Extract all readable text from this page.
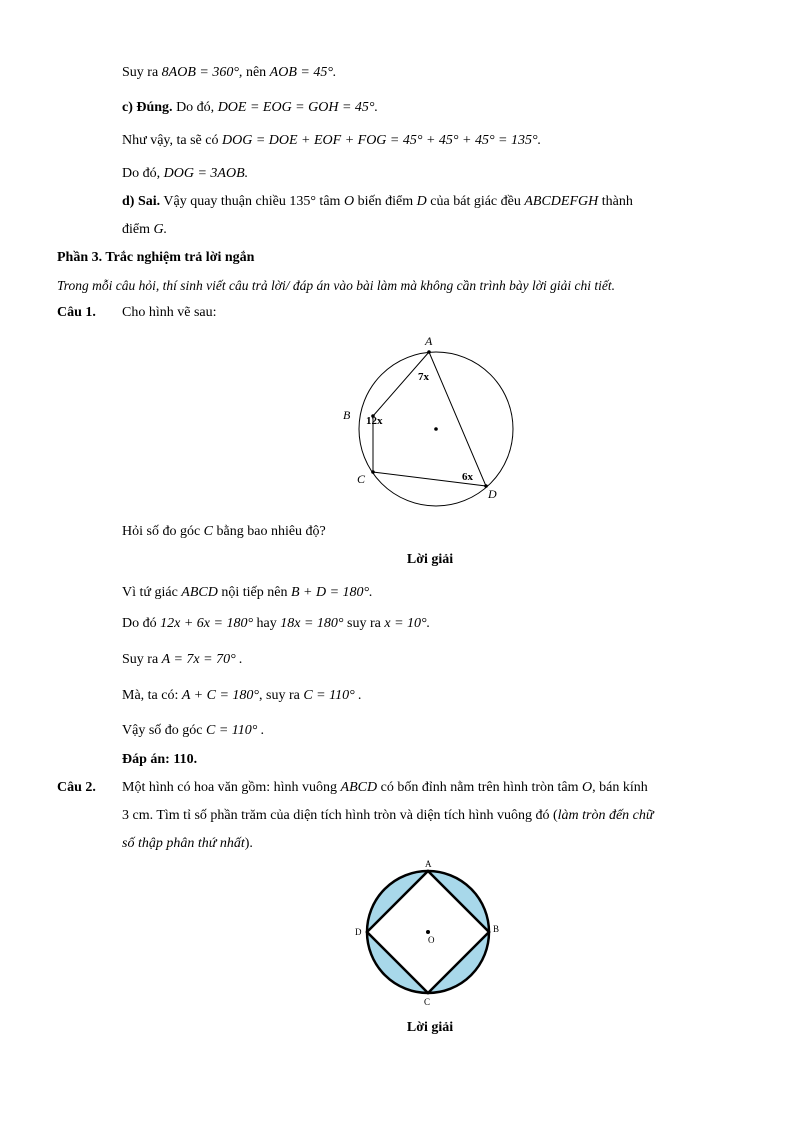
Suy ra 8AOB = 360°, nên AOB = 45°.
c) Đúng. Do đó, DOE = EOG = GOH = 45°.
Như vậy, ta sẽ có DOG = DOE + EOF + FOG = 45° + 45° + 45° = 135°.
Do đó, DOG = 3AOB.
d) Sai. Vậy quay thuận chiều 135° tâm O biến điểm D của bát giác đều ABCDEFGH thành
điểm G.
Phần 3. Trắc nghiệm trả lời ngắn
Trong mỗi câu hỏi, thí sinh viết câu trả lời/ đáp án vào bài làm mà không cần trình bày lời giải chi tiết.
Câu 1. Cho hình vẽ sau:
A
B
C
D
7x
12x
6x
Hỏi số đo góc C bằng bao nhiêu độ?
Lời giải
Vì tứ giác ABCD nội tiếp nên B + D = 180°.
Do đó 12x + 6x = 180° hay 18x = 180° suy ra x = 10°.
Suy ra A = 7x = 70° .
Mà, ta có: A + C = 180°, suy ra C = 110° .
Vậy số đo góc C = 110° .
Đáp án: 110.
Câu 2. Một hình có hoa văn gồm: hình vuông ABCD có bốn đỉnh nằm trên hình tròn tâm O, bán kính
3 cm. Tìm tỉ số phần trăm của diện tích hình tròn và diện tích hình vuông đó (làm tròn đến chữ
số thập phân thứ nhất).
A
B
C
D
O
Lời giải
